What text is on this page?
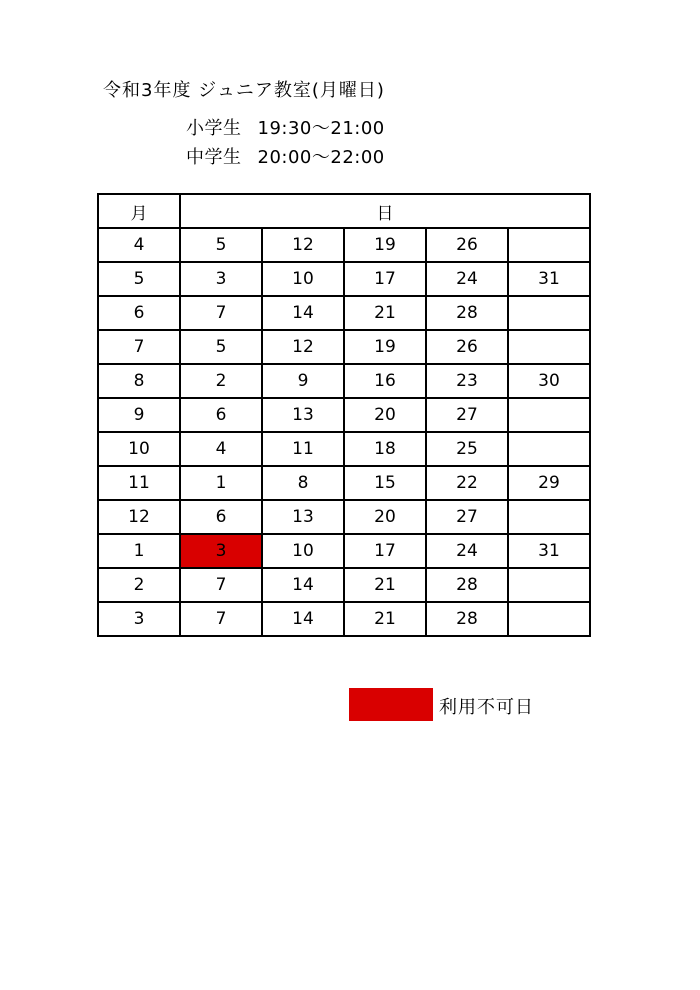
令和3年度 ジュニア教室(月曜日)
小学生 19:30〜21:00
中学生 20:00〜22:00
月	日				
4	5	12	19	26	
5	3	10	17	24	31
6	7	14	21	28	
7	5	12	19	26	
8	2	9	16	23	30
9	6	13	20	27	
10	4	11	18	25	
11	1	8	15	22	29
12	6	13	20	27	
1	3	10	17	24	31
2	7	14	21	28	
3	7	14	21	28	
利用不可日
